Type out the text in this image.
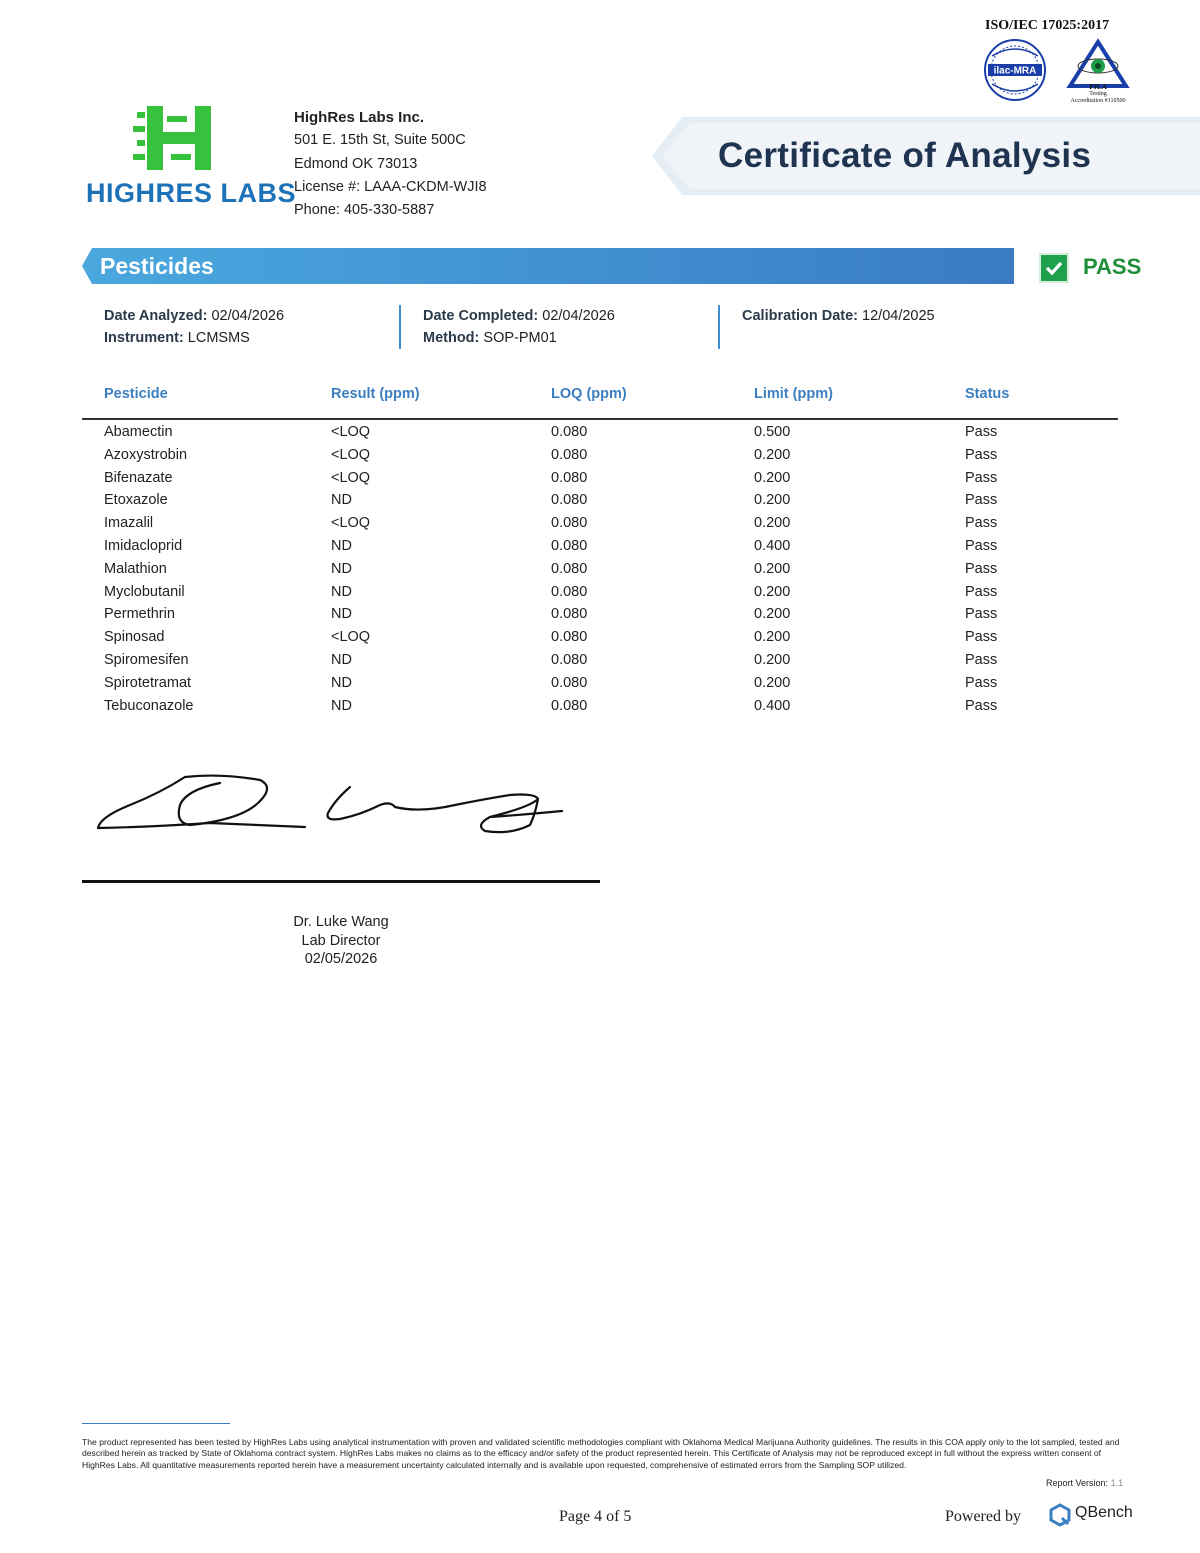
ISO/IEC 17025:2017
ilac-MRA
PJLA
Testing
Accreditation #110500
HIGHRES LABS
HighRes Labs Inc.
501 E. 15th St, Suite 500C
Edmond OK 73013
License #: LAAA-CKDM-WJI8
Phone: 405-330-5887
Certificate of Analysis
Pesticides	PASS
Date Analyzed: 02/04/2026
Instrument: LCMSMS
Date Completed: 02/04/2026
Method: SOP-PM01
Calibration Date: 12/04/2025
Pesticide	Result (ppm)	LOQ (ppm)	Limit (ppm)	Status
Abamectin	<LOQ	0.080	0.500	Pass
Azoxystrobin	<LOQ	0.080	0.200	Pass
Bifenazate	<LOQ	0.080	0.200	Pass
Etoxazole	ND	0.080	0.200	Pass
Imazalil	<LOQ	0.080	0.200	Pass
Imidacloprid	ND	0.080	0.400	Pass
Malathion	ND	0.080	0.200	Pass
Myclobutanil	ND	0.080	0.200	Pass
Permethrin	ND	0.080	0.200	Pass
Spinosad	<LOQ	0.080	0.200	Pass
Spiromesifen	ND	0.080	0.200	Pass
Spirotetramat	ND	0.080	0.200	Pass
Tebuconazole	ND	0.080	0.400	Pass
Dr. Luke Wang
Lab Director
02/05/2026
The product represented has been tested by HighRes Labs using analytical instrumentation with proven and validated scientific methodologies compliant with Oklahoma Medical Marijuana Authority guidelines. The results in this COA apply only to the lot sampled, tested and described herein as tracked by State of Oklahoma contract system. HighRes Labs makes no claims as to the efficacy and/or safety of the product represented herein. This Certificate of Analysis may not be reproduced except in full without the express written consent of HighRes Labs. All quantitative measurements reported herein have a measurement uncertainty calculated internally and is available upon requested, comprehensive of estimated errors from the Sampling SOP utilized.
Report Version: 1.1
Page 4 of 5	Powered by	QBench
